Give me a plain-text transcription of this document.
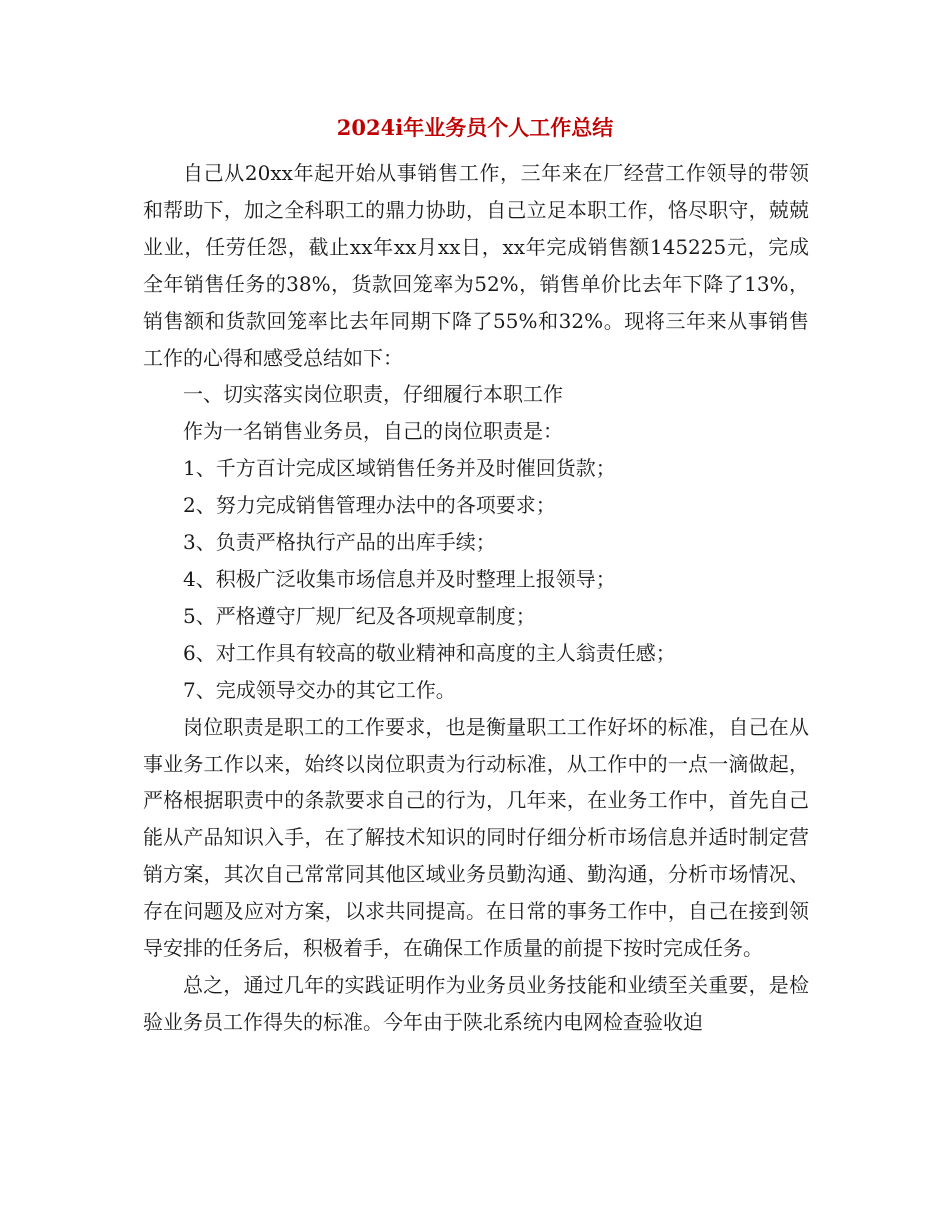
2024i年业务员个人工作总结

自己从20xx年起开始从事销售工作，三年来在厂经营工作领导的带领和帮助下，加之全科职工的鼎力协助，自己立足本职工作，恪尽职守，兢兢业业，任劳任怨，截止xx年xx月xx日，xx年完成销售额145225元，完成全年销售任务的38%，货款回笼率为52%，销售单价比去年下降了13%，销售额和货款回笼率比去年同期下降了55%和32%。现将三年来从事销售工作的心得和感受总结如下：

一、切实落实岗位职责，仔细履行本职工作

作为一名销售业务员，自己的岗位职责是：

1、千方百计完成区域销售任务并及时催回货款；

2、努力完成销售管理办法中的各项要求；

3、负责严格执行产品的出库手续；

4、积极广泛收集市场信息并及时整理上报领导；

5、严格遵守厂规厂纪及各项规章制度；

6、对工作具有较高的敬业精神和高度的主人翁责任感；

7、完成领导交办的其它工作。

岗位职责是职工的工作要求，也是衡量职工工作好坏的标准，自己在从事业务工作以来，始终以岗位职责为行动标准，从工作中的一点一滴做起，严格根据职责中的条款要求自己的行为，几年来，在业务工作中，首先自己能从产品知识入手，在了解技术知识的同时仔细分析市场信息并适时制定营销方案，其次自己常常同其他区域业务员勤沟通、勤沟通，分析市场情况、存在问题及应对方案，以求共同提高。在日常的事务工作中，自己在接到领导安排的任务后，积极着手，在确保工作质量的前提下按时完成任务。

总之，通过几年的实践证明作为业务员业务技能和业绩至关重要，是检验业务员工作得失的标准。今年由于陕北系统内电网检查验收迫
